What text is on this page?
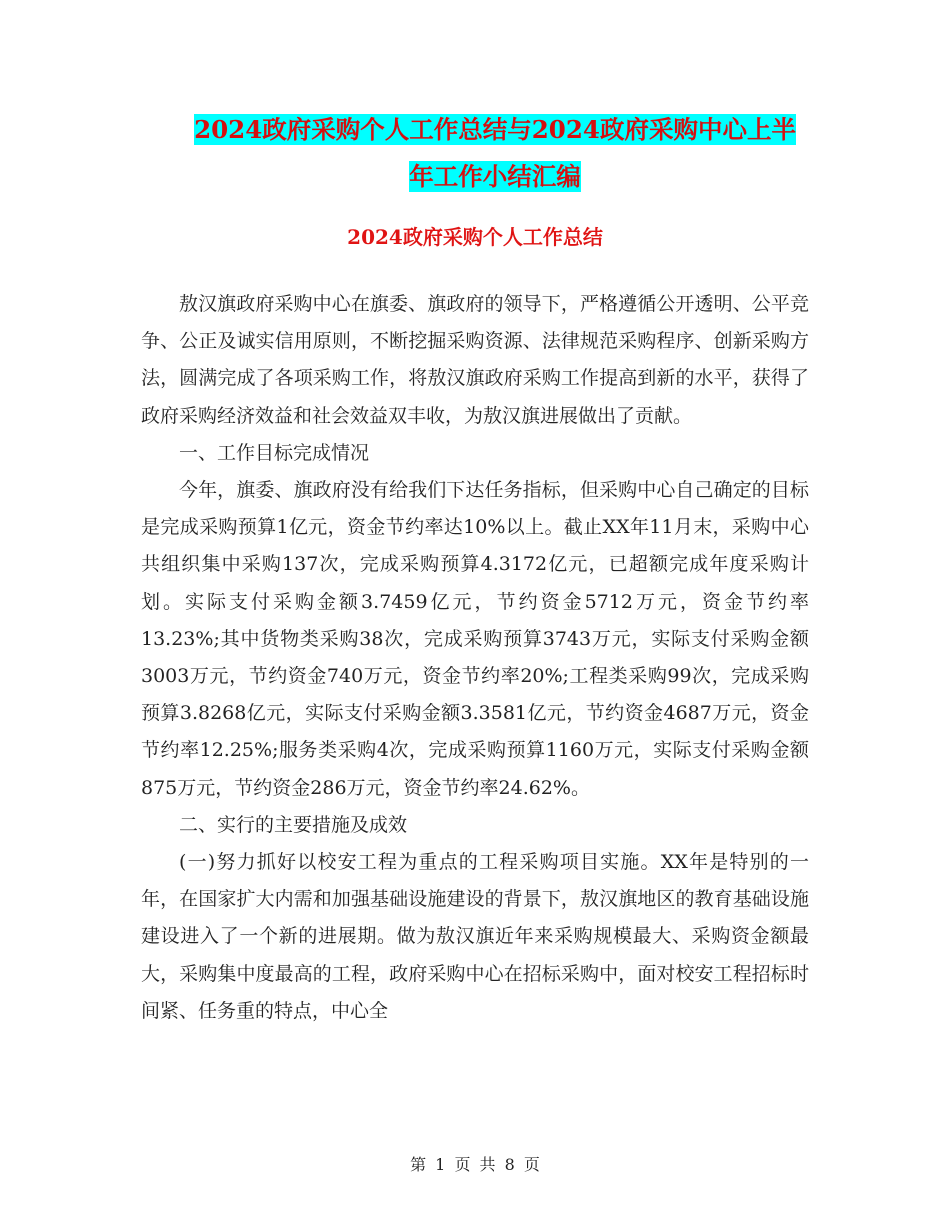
2024政府采购个人工作总结与2024政府采购中心上半
年工作小结汇编
2024政府采购个人工作总结

敖汉旗政府采购中心在旗委、旗政府的领导下，严格遵循公开透明、公平竞争、公正及诚实信用原则，不断挖掘采购资源、法律规范采购程序、创新采购方法，圆满完成了各项采购工作，将敖汉旗政府采购工作提高到新的水平，获得了政府采购经济效益和社会效益双丰收，为敖汉旗进展做出了贡献。

一、工作目标完成情况

今年，旗委、旗政府没有给我们下达任务指标，但采购中心自己确定的目标是完成采购预算1亿元，资金节约率达10%以上。截止XX年11月末，采购中心共组织集中采购137次，完成采购预算4.3172亿元，已超额完成年度采购计划。实际支付采购金额3.7459亿元，节约资金5712万元，资金节约率13.23%;其中货物类采购38次，完成采购预算3743万元，实际支付采购金额3003万元，节约资金740万元，资金节约率20%;工程类采购99次，完成采购预算3.8268亿元，实际支付采购金额3.3581亿元，节约资金4687万元，资金节约率12.25%;服务类采购4次，完成采购预算1160万元，实际支付采购金额875万元，节约资金286万元，资金节约率24.62%。

二、实行的主要措施及成效

(一)努力抓好以校安工程为重点的工程采购项目实施。XX年是特别的一年，在国家扩大内需和加强基础设施建设的背景下，敖汉旗地区的教育基础设施建设进入了一个新的进展期。做为敖汉旗近年来采购规模最大、采购资金额最大，采购集中度最高的工程，政府采购中心在招标采购中，面对校安工程招标时间紧、任务重的特点，中心全

第 1 页 共 8 页
